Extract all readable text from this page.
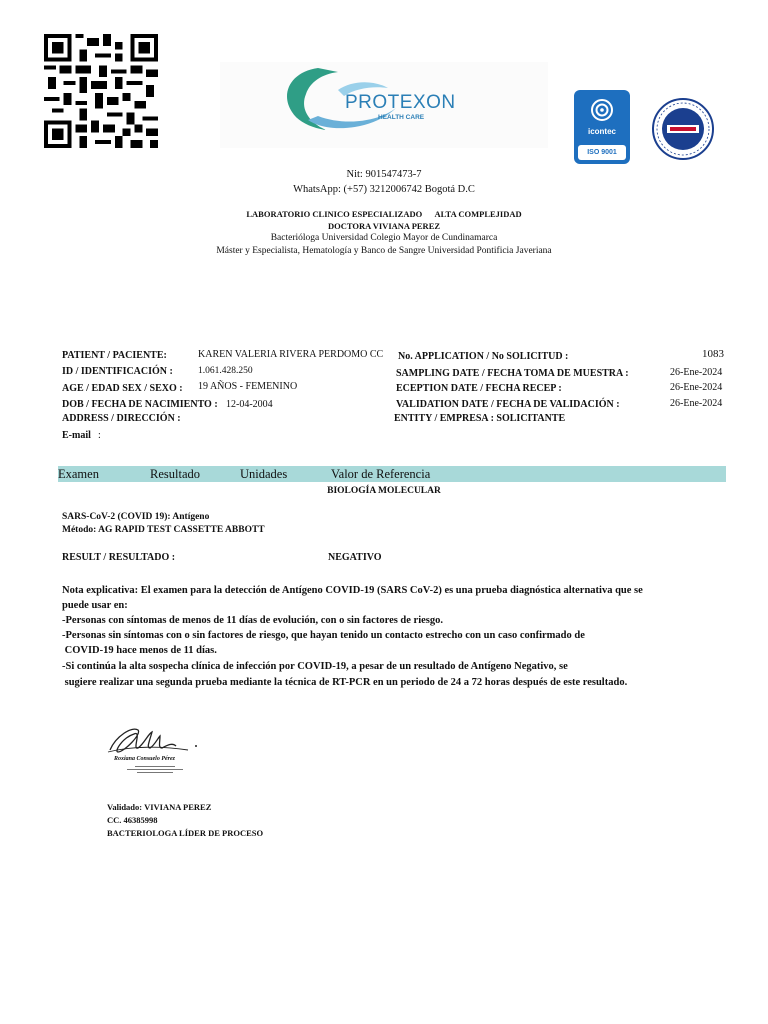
PROTEXON
HEALTH CARE
icontec
ISO 9001
Nit: 901547473-7
WhatsApp: (+57) 3212006742 Bogotá D.C
LABORATORIO CLINICO ESPECIALIZADO      ALTA COMPLEJIDAD
DOCTORA VIVIANA PEREZ
Bacterióloga Universidad Colegio Mayor de Cundinamarca
Máster y Especialista, Hematología y Banco de Sangre Universidad Pontificia Javeriana
PATIENT / PACIENTE:	KAREN VALERIA RIVERA PERDOMO CC
ID / IDENTIFICACIÓN :	1.061.428.250
AGE / EDAD SEX / SEXO : 19 AÑOS - FEMENINO
DOB / FECHA DE NACIMIENTO : 12-04-2004
ADDRESS / DIRECCIÓN :
E-mail :
No. APPLICATION / No SOLICITUD :	1083
SAMPLING DATE / FECHA TOMA DE MUESTRA :	26-Ene-2024
ECEPTION DATE / FECHA RECEP :	26-Ene-2024
VALIDATION DATE / FECHA DE VALIDACIÓN :	26-Ene-2024
ENTITY / EMPRESA : SOLICITANTE
Examen	Resultado	Unidades	Valor de Referencia
BIOLOGÍA MOLECULAR
SARS-CoV-2 (COVID 19): Antígeno
Método: AG RAPID TEST CASSETTE ABBOTT
RESULT / RESULTADO :	NEGATIVO
Nota explicativa: El examen para la detección de Antígeno COVID-19 (SARS CoV-2) es una prueba diagnóstica alternativa que se
puede usar en:
-Personas con síntomas de menos de 11 días de evolución, con o sin factores de riesgo.
-Personas sin síntomas con o sin factores de riesgo, que hayan tenido un contacto estrecho con un caso confirmado de
COVID-19 hace menos de 11 días.
-Si continúa la alta sospecha clínica de infección por COVID-19, a pesar de un resultado de Antígeno Negativo, se
sugiere realizar una segunda prueba mediante la técnica de RT-PCR en un periodo de 24 a 72 horas después de este resultado.
Roxiana Consuelo Pérez
Validado: VIVIANA PEREZ
CC. 46385998
BACTERIOLOGA LÍDER DE PROCESO
